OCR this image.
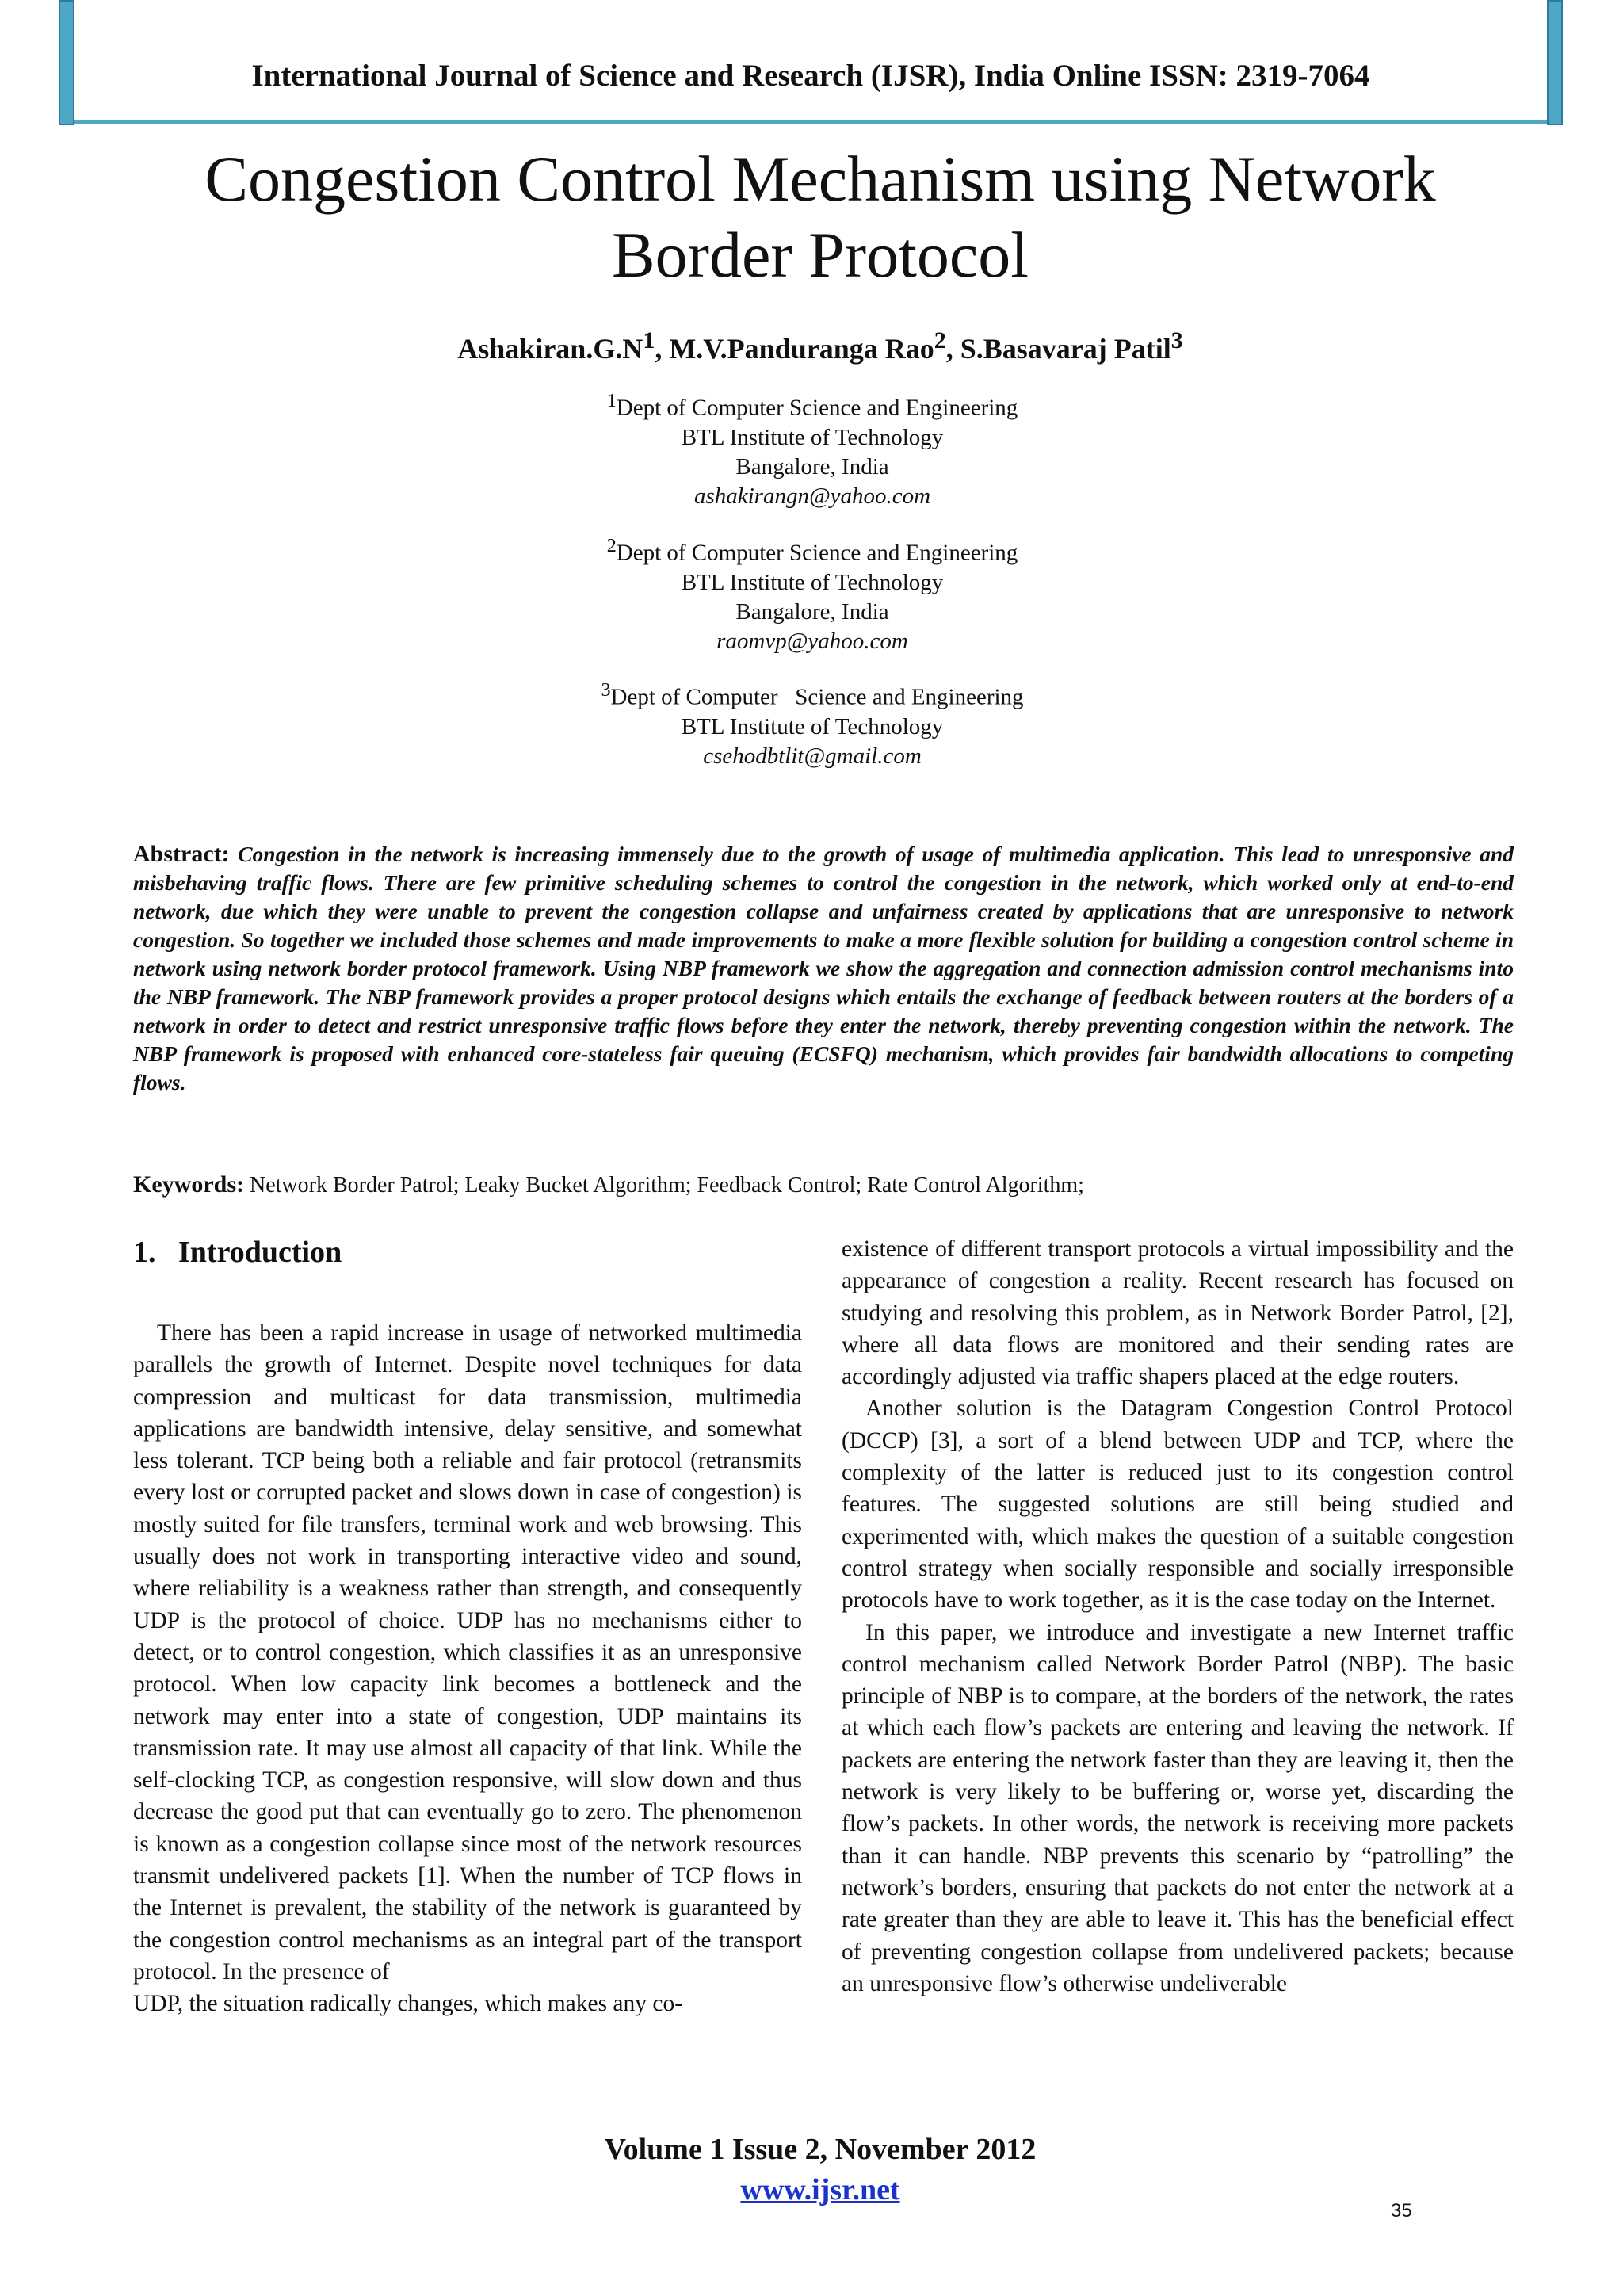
International Journal of Science and Research (IJSR), India Online ISSN: 2319-7064
Congestion Control Mechanism using Network
Border Protocol
$Ashakiran.G.N^1$, M.V.Panduranga Rao$^2$, S.Basavaraj Patil$^3$
$^1$Dept of Computer Science and Engineering
BTL Institute of Technology
Bangalore, India
ashakirangn@yahoo.com
$^2$Dept of Computer Science and Engineering
BTL Institute of Technology
Bangalore, India
raomvp@yahoo.com
$^3$Dept of Computer   Science and Engineering
BTL Institute of Technology
csehodbtlit@gmail.com
Abstract: Congestion in the network is increasing immensely due to the growth of usage of multimedia application. This lead to unresponsive and misbehaving traffic flows. There are few primitive scheduling schemes to control the congestion in the network, which worked only at end-to-end network, due which they were unable to prevent the congestion collapse and unfairness created by applications that are unresponsive to network congestion. So together we included those schemes and made improvements to make a more flexible solution for building a congestion control scheme in network using network border protocol framework. Using NBP framework we show the aggregation and connection admission control mechanisms into the NBP framework. The NBP framework provides a proper protocol designs which entails the exchange of feedback between routers at the borders of a network in order to detect and restrict unresponsive traffic flows before they enter the network, thereby preventing congestion within the network. The NBP framework is proposed with enhanced core-stateless fair queuing (ECSFQ) mechanism, which provides fair bandwidth allocations to competing flows.
Keywords: Network Border Patrol; Leaky Bucket Algorithm; Feedback Control; Rate Control Algorithm;
1. Introduction

There has been a rapid increase in usage of networked multimedia parallels the growth of Internet. Despite novel techniques for data compression and multicast for data transmission, multimedia applications are bandwidth intensive, delay sensitive, and somewhat less tolerant. TCP being both a reliable and fair protocol (retransmits every lost or corrupted packet and slows down in case of congestion) is mostly suited for file transfers, terminal work and web browsing. This usually does not work in transporting interactive video and sound, where reliability is a weakness rather than strength, and consequently UDP is the protocol of choice. UDP has no mechanisms either to detect, or to control congestion, which classifies it as an unresponsive protocol. When low capacity link becomes a bottleneck and the network may enter into a state of congestion, UDP maintains its transmission rate. It may use almost all capacity of that link. While the self-clocking TCP, as congestion responsive, will slow down and thus decrease the good put that can eventually go to zero. The phenomenon is known as a congestion collapse since most of the network resources transmit undelivered packets [1]. When the number of TCP flows in the Internet is prevalent, the stability of the network is guaranteed by the congestion control mechanisms as an integral part of the transport protocol. In the presence of

UDP, the situation radically changes, which makes any co-

existence of different transport protocols a virtual impossibility and the appearance of congestion a reality. Recent research has focused on studying and resolving this problem, as in Network Border Patrol, [2], where all data flows are monitored and their sending rates are accordingly adjusted via traffic shapers placed at the edge routers.

Another solution is the Datagram Congestion Control Protocol (DCCP) [3], a sort of a blend between UDP and TCP, where the complexity of the latter is reduced just to its congestion control features. The suggested solutions are still being studied and experimented with, which makes the question of a suitable congestion control strategy when socially responsible and socially irresponsible protocols have to work together, as it is the case today on the Internet.

In this paper, we introduce and investigate a new Internet traffic control mechanism called Network Border Patrol (NBP). The basic principle of NBP is to compare, at the borders of the network, the rates at which each flow’s packets are entering and leaving the network. If packets are entering the network faster than they are leaving it, then the network is very likely to be buffering or, worse yet, discarding the flow’s packets. In other words, the network is receiving more packets than it can handle. NBP prevents this scenario by “patrolling” the network’s borders, ensuring that packets do not enter the network at a rate greater than they are able to leave it. This has the beneficial effect of preventing congestion collapse from undelivered packets; because an unresponsive flow’s otherwise undeliverable

Volume 1 Issue 2, November 2012
www.ijsr.net
35
